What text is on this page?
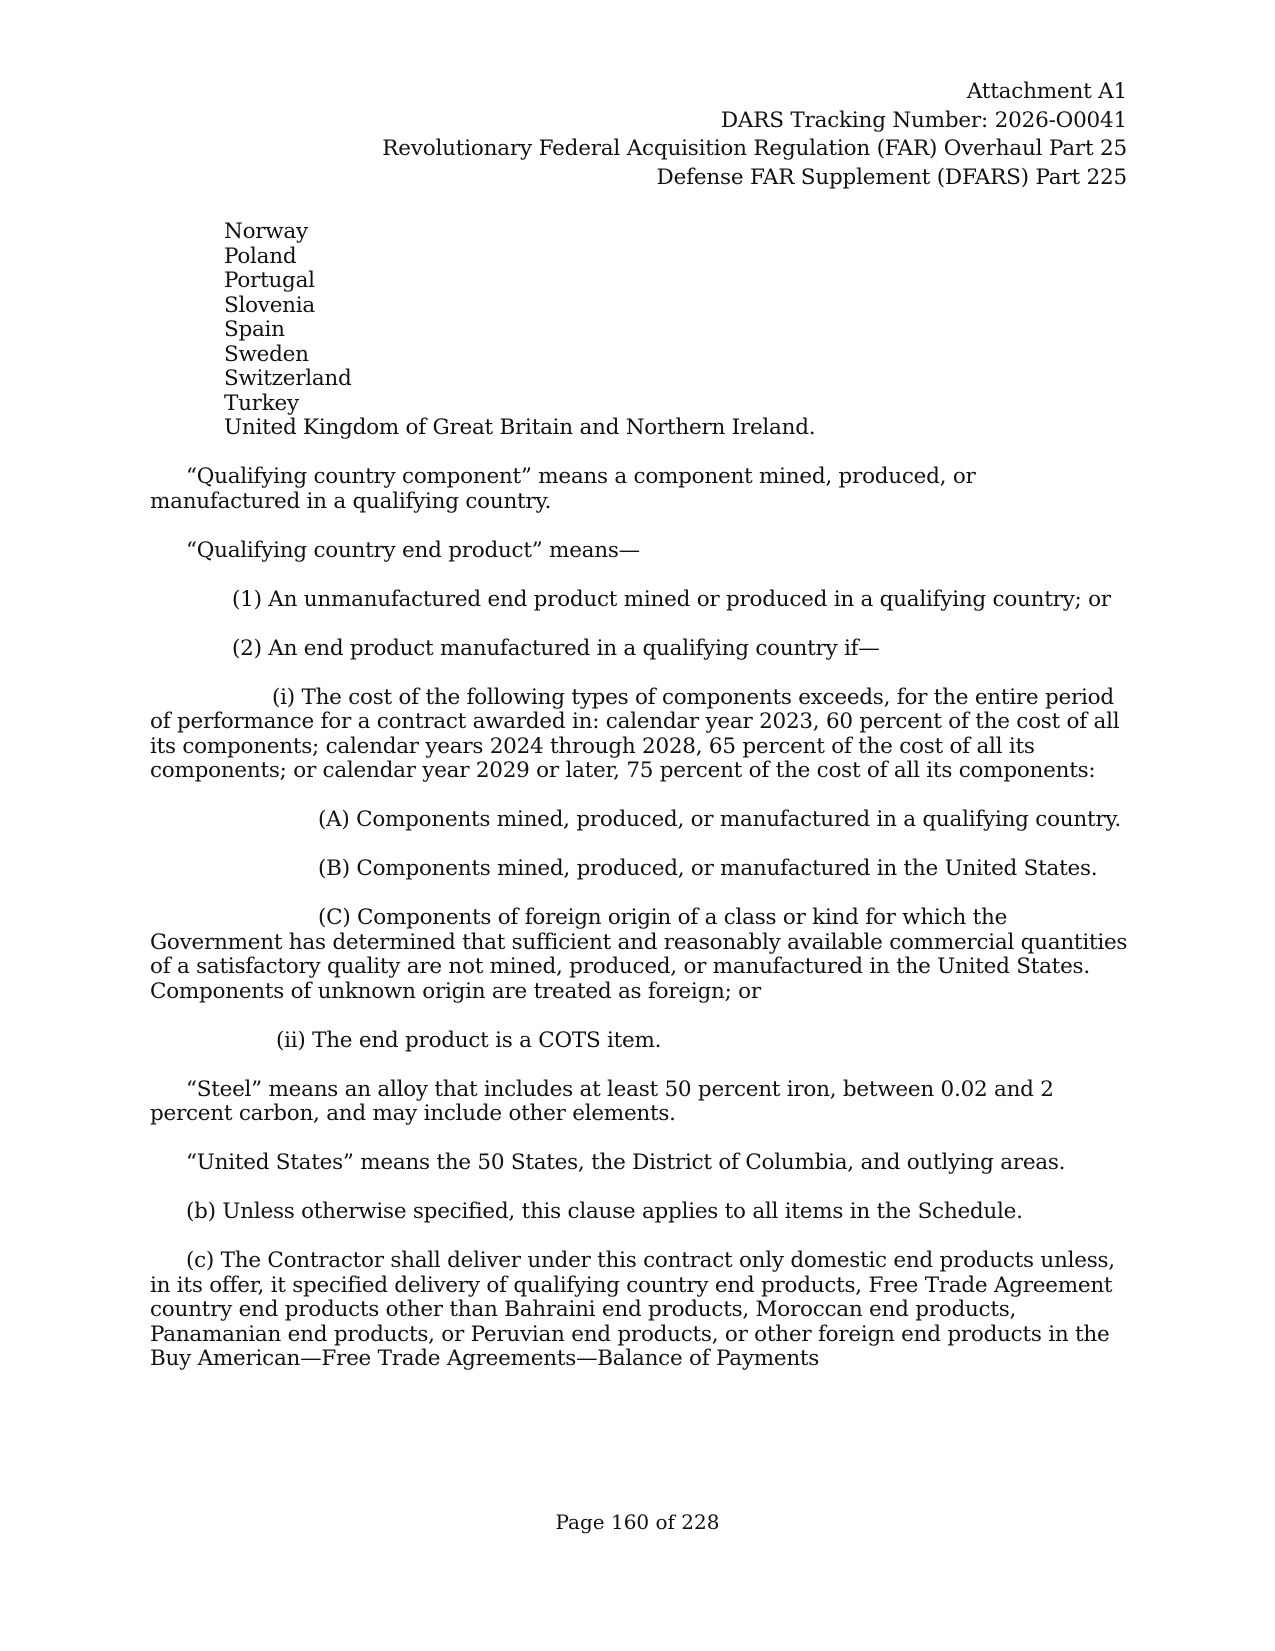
Attachment A1
DARS Tracking Number: 2026-O0041
Revolutionary Federal Acquisition Regulation (FAR) Overhaul Part 25
Defense FAR Supplement (DFARS) Part 225
Norway
Poland
Portugal
Slovenia
Spain
Sweden
Switzerland
Turkey
United Kingdom of Great Britain and Northern Ireland.

“Qualifying country component” means a component mined, produced, or manufactured in a qualifying country.

“Qualifying country end product” means—

(1) An unmanufactured end product mined or produced in a qualifying country; or

(2) An end product manufactured in a qualifying country if—

(i) The cost of the following types of components exceeds, for the entire period of performance for a contract awarded in: calendar year 2023, 60 percent of the cost of all its components; calendar years 2024 through 2028, 65 percent of the cost of all its components; or calendar year 2029 or later, 75 percent of the cost of all its components:

(A) Components mined, produced, or manufactured in a qualifying country.

(B) Components mined, produced, or manufactured in the United States.

(C) Components of foreign origin of a class or kind for which the Government has determined that sufficient and reasonably available commercial quantities of a satisfactory quality are not mined, produced, or manufactured in the United States. Components of unknown origin are treated as foreign; or

(ii) The end product is a COTS item.

“Steel” means an alloy that includes at least 50 percent iron, between 0.02 and 2 percent carbon, and may include other elements.

“United States” means the 50 States, the District of Columbia, and outlying areas.

(b) Unless otherwise specified, this clause applies to all items in the Schedule.

(c) The Contractor shall deliver under this contract only domestic end products unless, in its offer, it specified delivery of qualifying country end products, Free Trade Agreement country end products other than Bahraini end products, Moroccan end products, Panamanian end products, or Peruvian end products, or other foreign end products in the Buy American—Free Trade Agreements—Balance of Payments

Page 160 of 228
